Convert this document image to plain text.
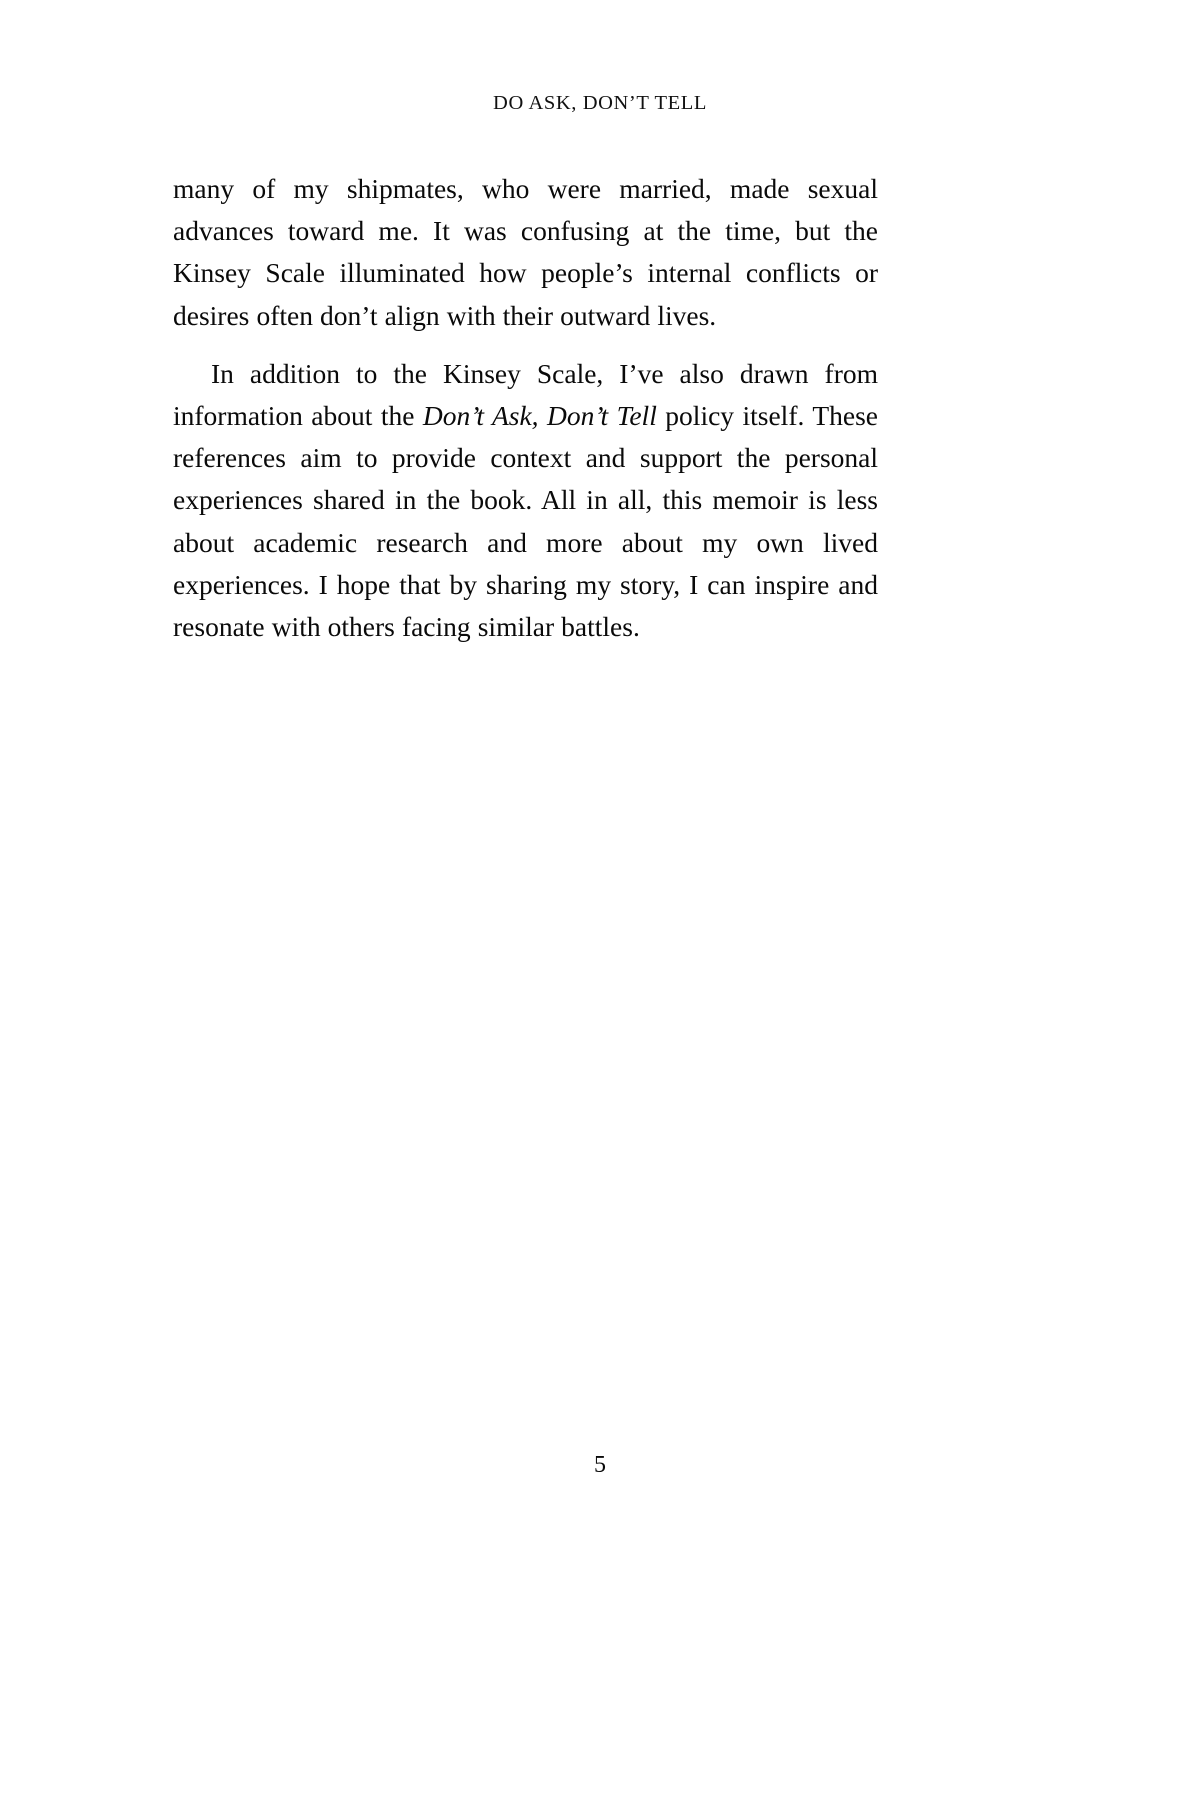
DO ASK, DON’T TELL

many of my shipmates, who were married, made sexual advances toward me. It was confusing at the time, but the Kinsey Scale illuminated how people’s internal conflicts or desires often don’t align with their outward lives.

In addition to the Kinsey Scale, I’ve also drawn from information about the Don’t Ask, Don’t Tell policy itself. These references aim to provide context and support the personal experiences shared in the book. All in all, this memoir is less about academic research and more about my own lived experiences. I hope that by sharing my story, I can inspire and resonate with others facing similar battles.

5
